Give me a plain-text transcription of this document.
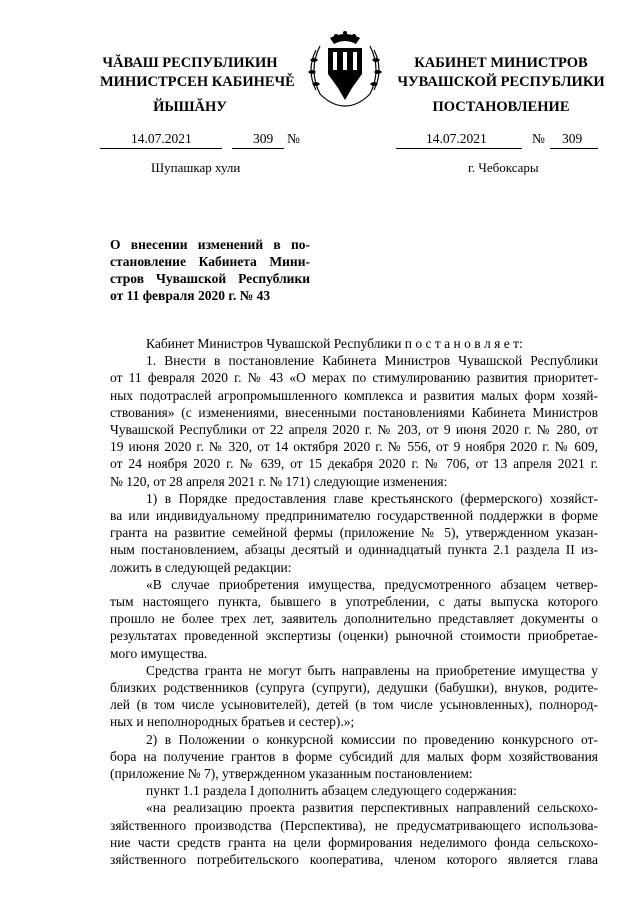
ЧĂВАШ РЕСПУБЛИКИН
МИНИСТРСЕН КАБИНЕЧĚ
ЙЫШĂНУ
КАБИНЕТ МИНИСТРОВ
ЧУВАШСКОЙ РЕСПУБЛИКИ
ПОСТАНОВЛЕНИЕ
14.07.2021	309 №	14.07.2021	№ 309
Шупашкар хули	г. Чебоксары
О внесении изменений в по-
становление Кабинета Мини-
стров Чувашской Республики
от 11 февраля 2020 г. № 43
Кабинет Министров Чувашской Республики п о с т а н о в л я е т:
1. Внести в постановление Кабинета Министров Чувашской Республики
от 11 февраля 2020 г. № 43 «О мерах по стимулированию развития приоритет-
ных подотраслей агропромышленного комплекса и развития малых форм хозяй-
ствования» (с изменениями, внесенными постановлениями Кабинета Министров
Чувашской Республики от 22 апреля 2020 г. № 203, от 9 июня 2020 г. № 280, от
19 июня 2020 г. № 320, от 14 октября 2020 г. № 556, от 9 ноября 2020 г. № 609,
от 24 ноября 2020 г. № 639, от 15 декабря 2020 г. № 706, от 13 апреля 2021 г.
№ 120, от 28 апреля 2021 г. № 171) следующие изменения:
1) в Порядке предоставления главе крестьянского (фермерского) хозяйст-
ва или индивидуальному предпринимателю государственной поддержки в форме
гранта на развитие семейной фермы (приложение № 5), утвержденном указан-
ным постановлением, абзацы десятый и одиннадцатый пункта 2.1 раздела II из-
ложить в следующей редакции:
«В случае приобретения имущества, предусмотренного абзацем четвер-
тым настоящего пункта, бывшего в употреблении, с даты выпуска которого
прошло не более трех лет, заявитель дополнительно представляет документы о
результатах проведенной экспертизы (оценки) рыночной стоимости приобретае-
мого имущества.
Средства гранта не могут быть направлены на приобретение имущества у
близких родственников (супруга (супруги), дедушки (бабушки), внуков, родите-
лей (в том числе усыновителей), детей (в том числе усыновленных), полнород-
ных и неполнородных братьев и сестер).»;
2) в Положении о конкурсной комиссии по проведению конкурсного от-
бора на получение грантов в форме субсидий для малых форм хозяйствования
(приложение № 7), утвержденном указанным постановлением:
пункт 1.1 раздела I дополнить абзацем следующего содержания:
«на реализацию проекта развития перспективных направлений сельскохо-
зяйственного производства (Перспектива), не предусматривающего использова-
ние части средств гранта на цели формирования неделимого фонда сельскохо-
зяйственного потребительского кооператива, членом которого является глава
